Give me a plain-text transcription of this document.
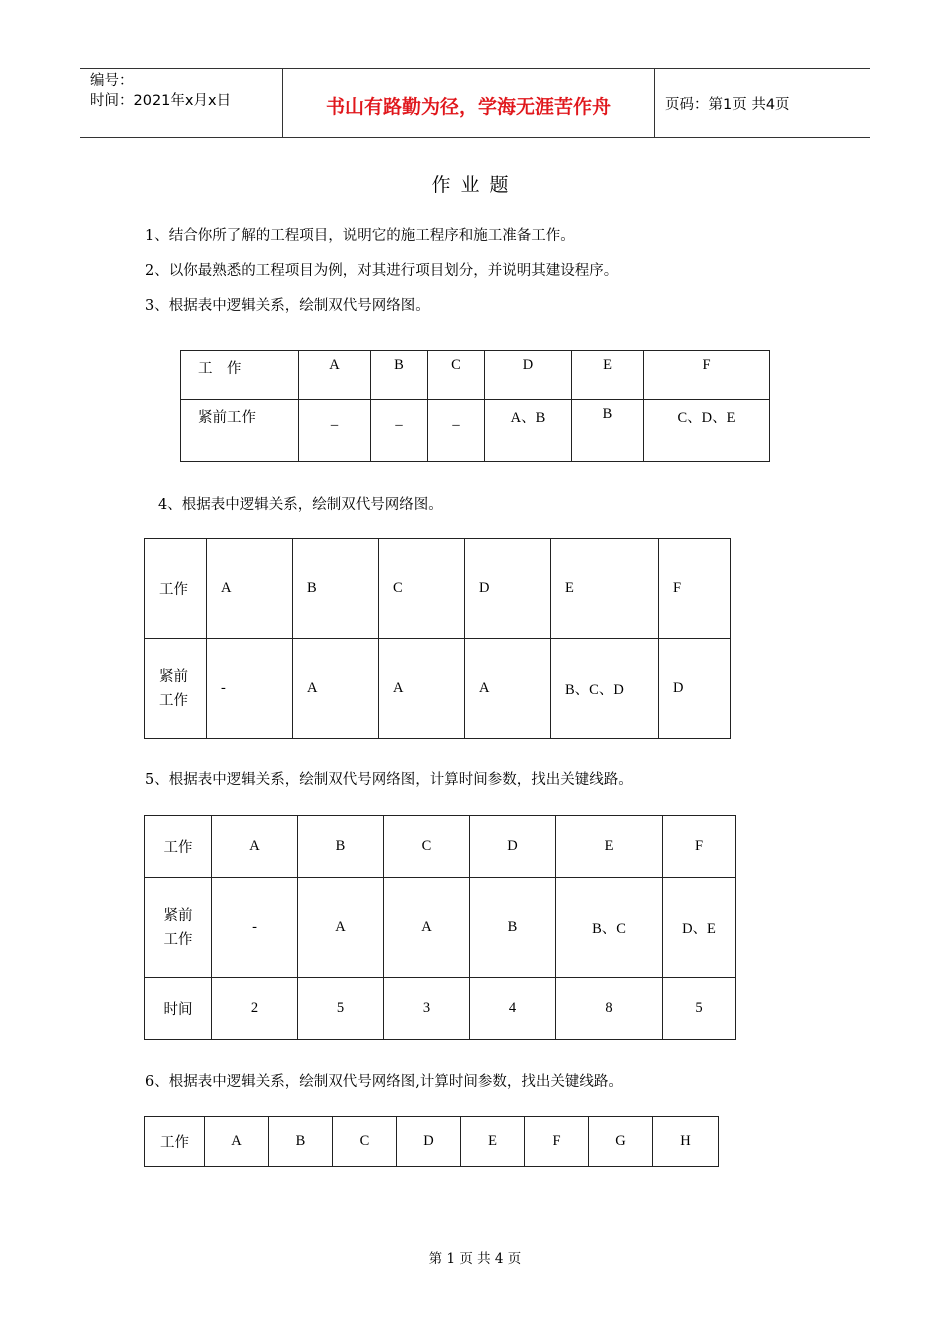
编号：
时间：2021年x月x日	书山有路勤为径，学海无涯苦作舟	页码：第1页 共4页
作业题
1、结合你所了解的工程项目，说明它的施工程序和施工准备工作。
2、以你最熟悉的工程项目为例，对其进行项目划分，并说明其建设程序。
3、根据表中逻辑关系，绘制双代号网络图。
工　作	A	B	C	D	E	F
紧前工作	_	_	_	A、B	B	C、D、E
4、根据表中逻辑关系，绘制双代号网络图。
工作	A	B	C	D	E	F

紧前
工作	-	A	A	A	B、C、D	D
5、根据表中逻辑关系，绘制双代号网络图，计算时间参数，找出关键线路。
工作	A	B	C	D	E	F

紧前
工作	-	A	A	B	B、C	D、E
时间	2	5	3	4	8	5
6、根据表中逻辑关系，绘制双代号网络图,计算时间参数，找出关键线路。
工作	A	B	C	D	E	F	G	H
第 1 页 共 4 页
